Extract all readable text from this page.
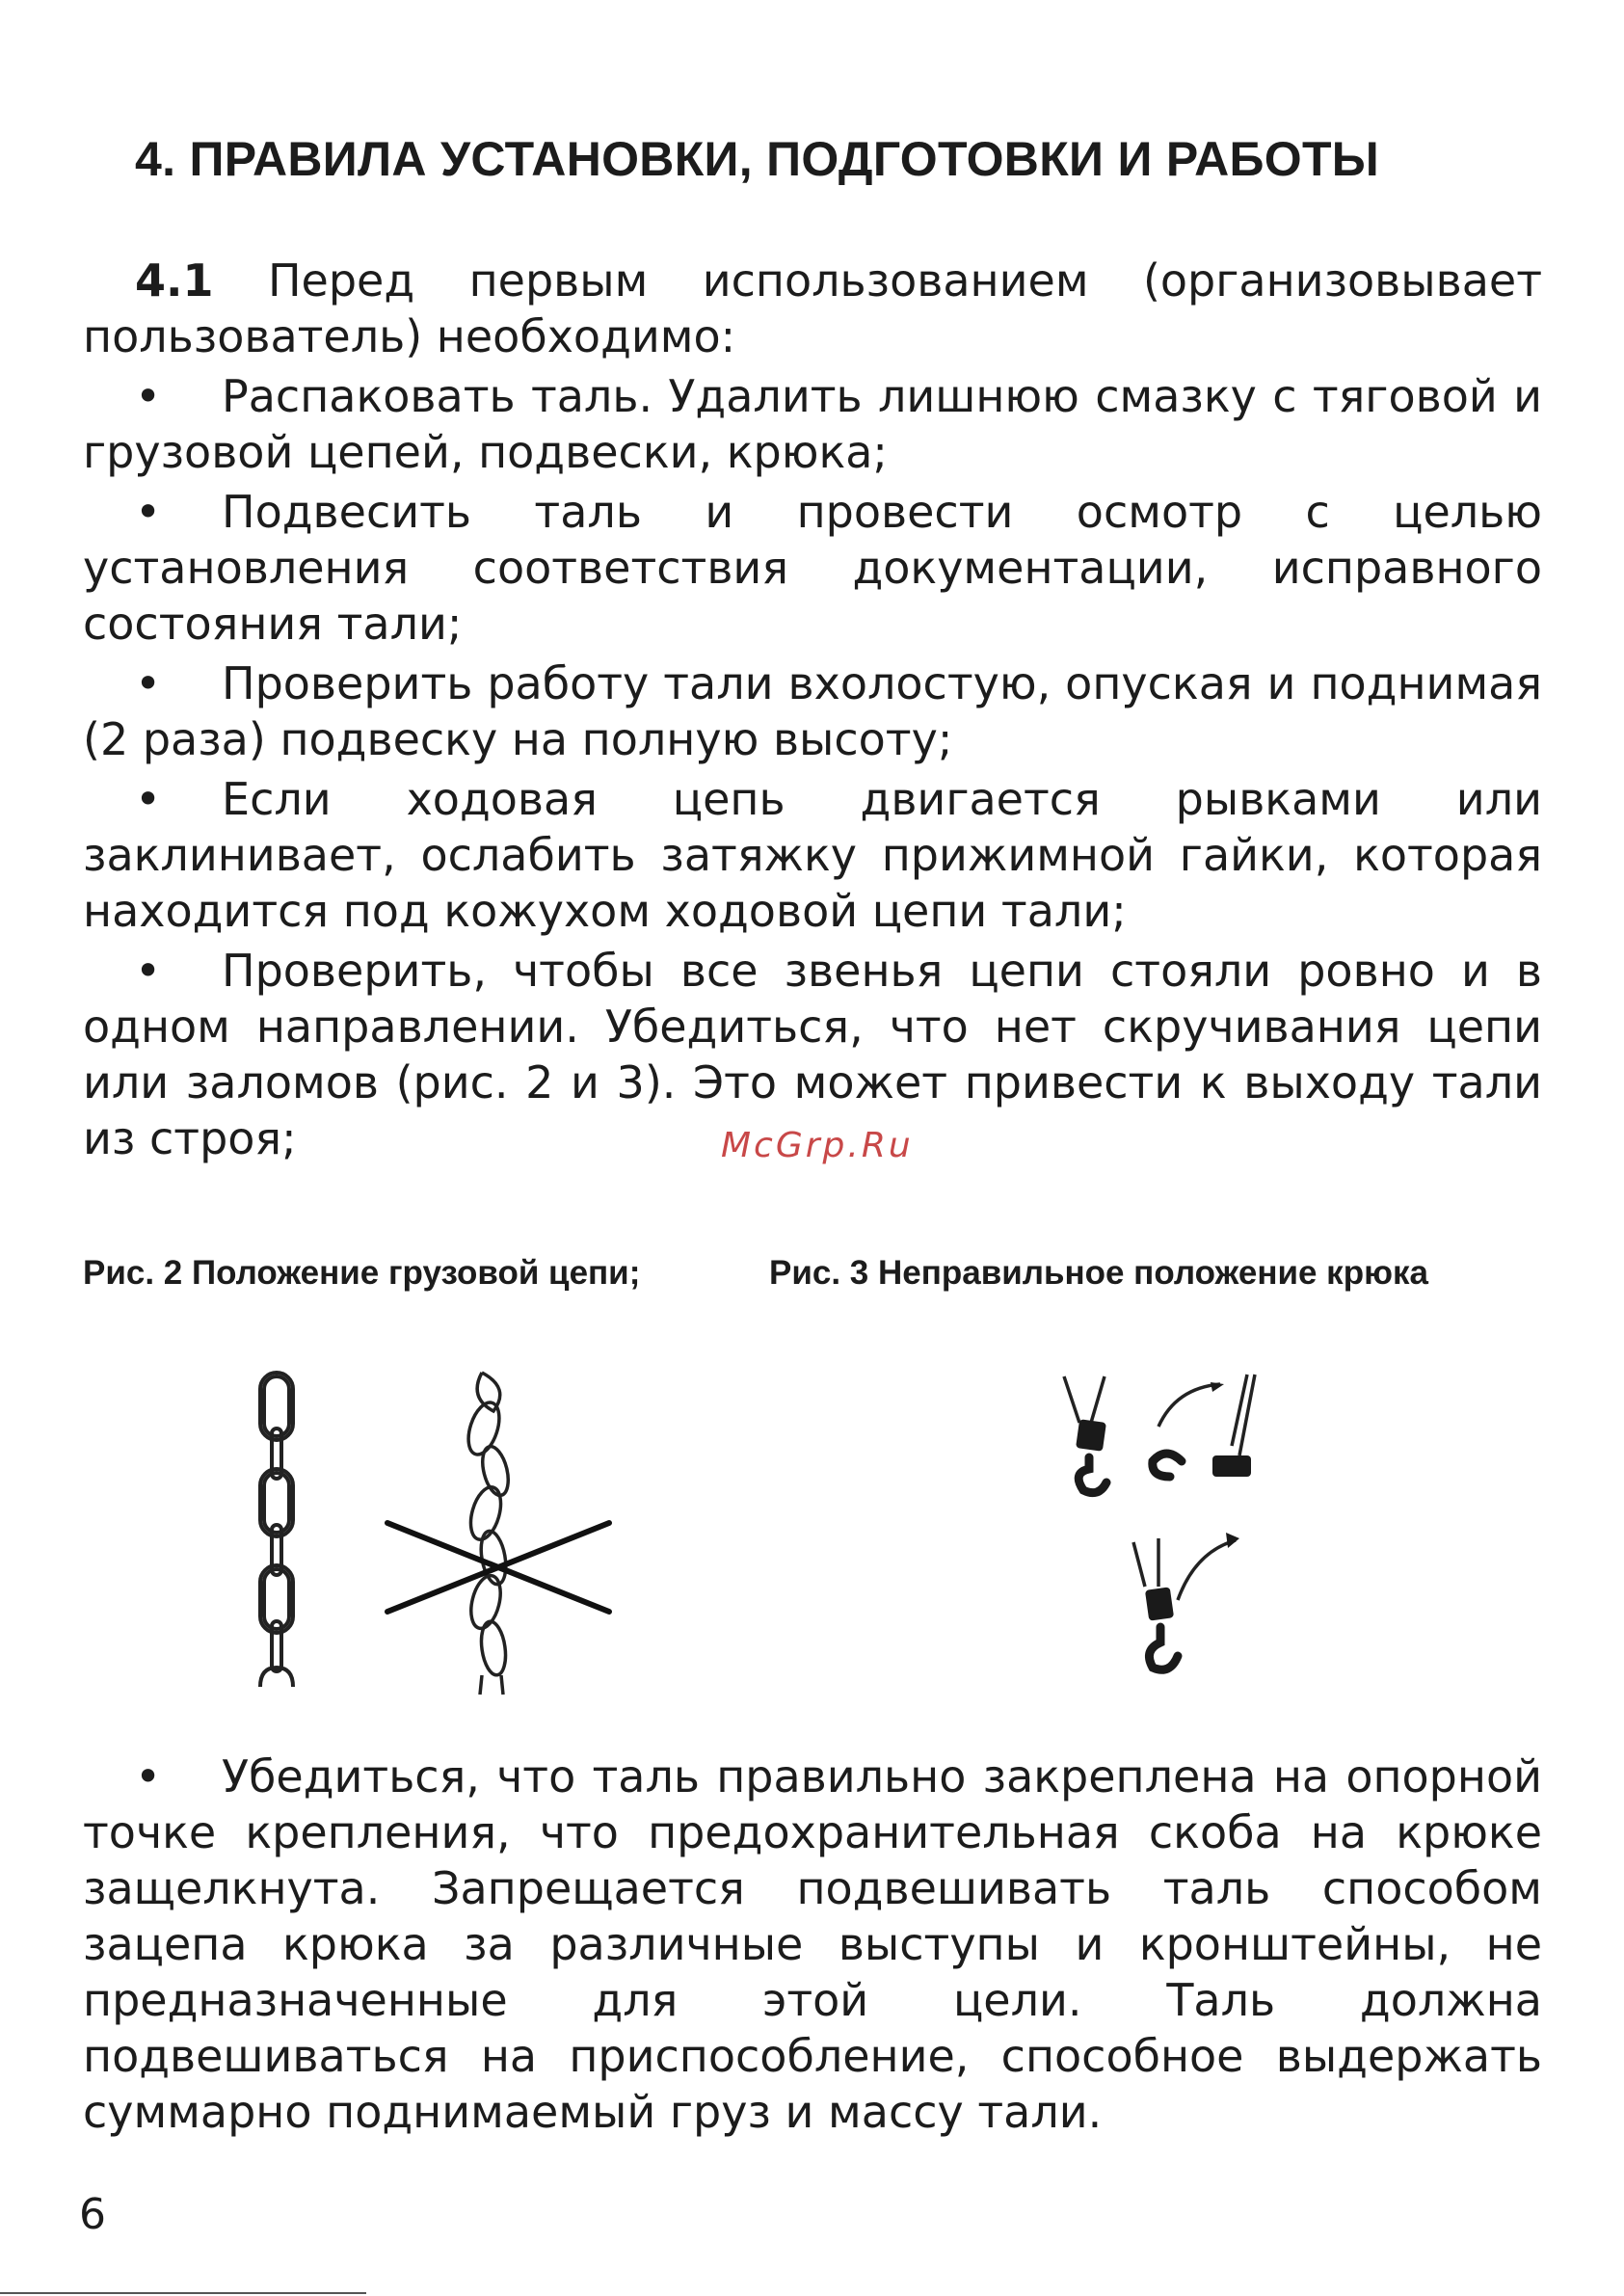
4. ПРАВИЛА УСТАНОВКИ, ПОДГОТОВКИ И РАБОТЫ

4.1 Перед первым использованием (организовывает пользователь) необходимо:

• Распаковать таль. Удалить лишнюю смазку с тяговой и грузовой цепей, подвески, крюка;

• Подвесить таль и провести осмотр с целью установления соответствия документации, исправного состояния тали;

• Проверить работу тали вхолостую, опуская и поднимая (2 раза) подвеску на полную высоту;

• Если ходовая цепь двигается рывками или заклинивает, ослабить затяжку прижимной гайки, которая находится под кожухом ходовой цепи тали;

• Проверить, чтобы все звенья цепи стояли ровно и в одном направлении. Убедиться, что нет скручивания цепи или заломов (рис. 2 и 3). Это может привести к выходу тали из строя;	McGrp.Ru
Рис. 2 Положение грузовой цепи;	Рис. 3 Неправильное положение крюка

• Убедиться, что таль правильно закреплена на опорной точке крепления, что предохранительная скоба на крюке защелкнута. Запрещается подвешивать таль способом зацепа крюка за различные выступы и кронштейны, не предназначенные для этой цели. Таль должна подвешиваться на приспособление, способное выдержать суммарно поднимаемый груз и массу тали.

6
